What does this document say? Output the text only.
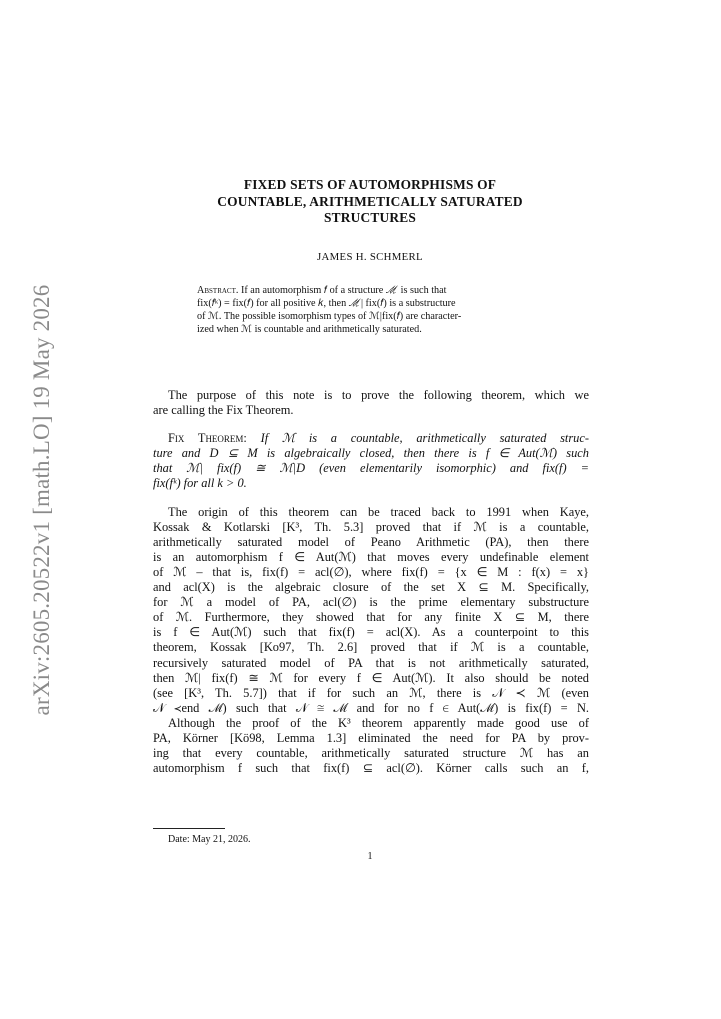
arXiv:2605.20522v1 [math.LO] 19 May 2026
FIXED SETS OF AUTOMORPHISMS OF
COUNTABLE, ARITHMETICALLY SATURATED
STRUCTURES
JAMES H. SCHMERL
Abstract. If an automorphism 𝑓 of a structure ℳ is such that
fix(𝑓ᵏ) = fix(𝑓) for all positive 𝑘, then ℳ| fix(𝑓) is a substructure
of ℳ. The possible isomorphism types of ℳ|fix(𝑓) are character-
ized when ℳ is countable and arithmetically saturated.
The purpose of this note is to prove the following theorem, which we
are calling the Fix Theorem.
Fix Theorem: If ℳ is a countable, arithmetically saturated struc-
ture and D ⊆ M is algebraically closed, then there is f ∈ Aut(ℳ) such
that ℳ| fix(f) ≅ ℳ|D (even elementarily isomorphic) and fix(f) =
fix(fᵏ) for all k > 0.
The origin of this theorem can be traced back to 1991 when Kaye,
Kossak & Kotlarski [K³, Th. 5.3] proved that if ℳ is a countable,
arithmetically saturated model of Peano Arithmetic (PA), then there
is an automorphism f ∈ Aut(ℳ) that moves every undefinable element
of ℳ – that is, fix(f) = acl(∅), where fix(f) = {x ∈ M : f(x) = x}
and acl(X) is the algebraic closure of the set X ⊆ M. Specifically,
for ℳ a model of PA, acl(∅) is the prime elementary substructure
of ℳ. Furthermore, they showed that for any finite X ⊆ M, there
is f ∈ Aut(ℳ) such that fix(f) = acl(X). As a counterpoint to this
theorem, Kossak [Ko97, Th. 2.6] proved that if ℳ is a countable,
recursively saturated model of PA that is not arithmetically saturated,
then ℳ| fix(f) ≅ ℳ for every f ∈ Aut(ℳ). It also should be noted
(see [K³, Th. 5.7]) that if for such an ℳ, there is 𝒩 ≺ ℳ (even
𝒩 ≺end ℳ) such that 𝒩 ≅ ℳ and for no f ∈ Aut(ℳ) is fix(f) = N.
Although the proof of the K³ theorem apparently made good use of
PA, Körner [Kö98, Lemma 1.3] eliminated the need for PA by prov-
ing that every countable, arithmetically saturated structure ℳ has an
automorphism f such that fix(f) ⊆ acl(∅). Körner calls such an f,
Date: May 21, 2026.
1
